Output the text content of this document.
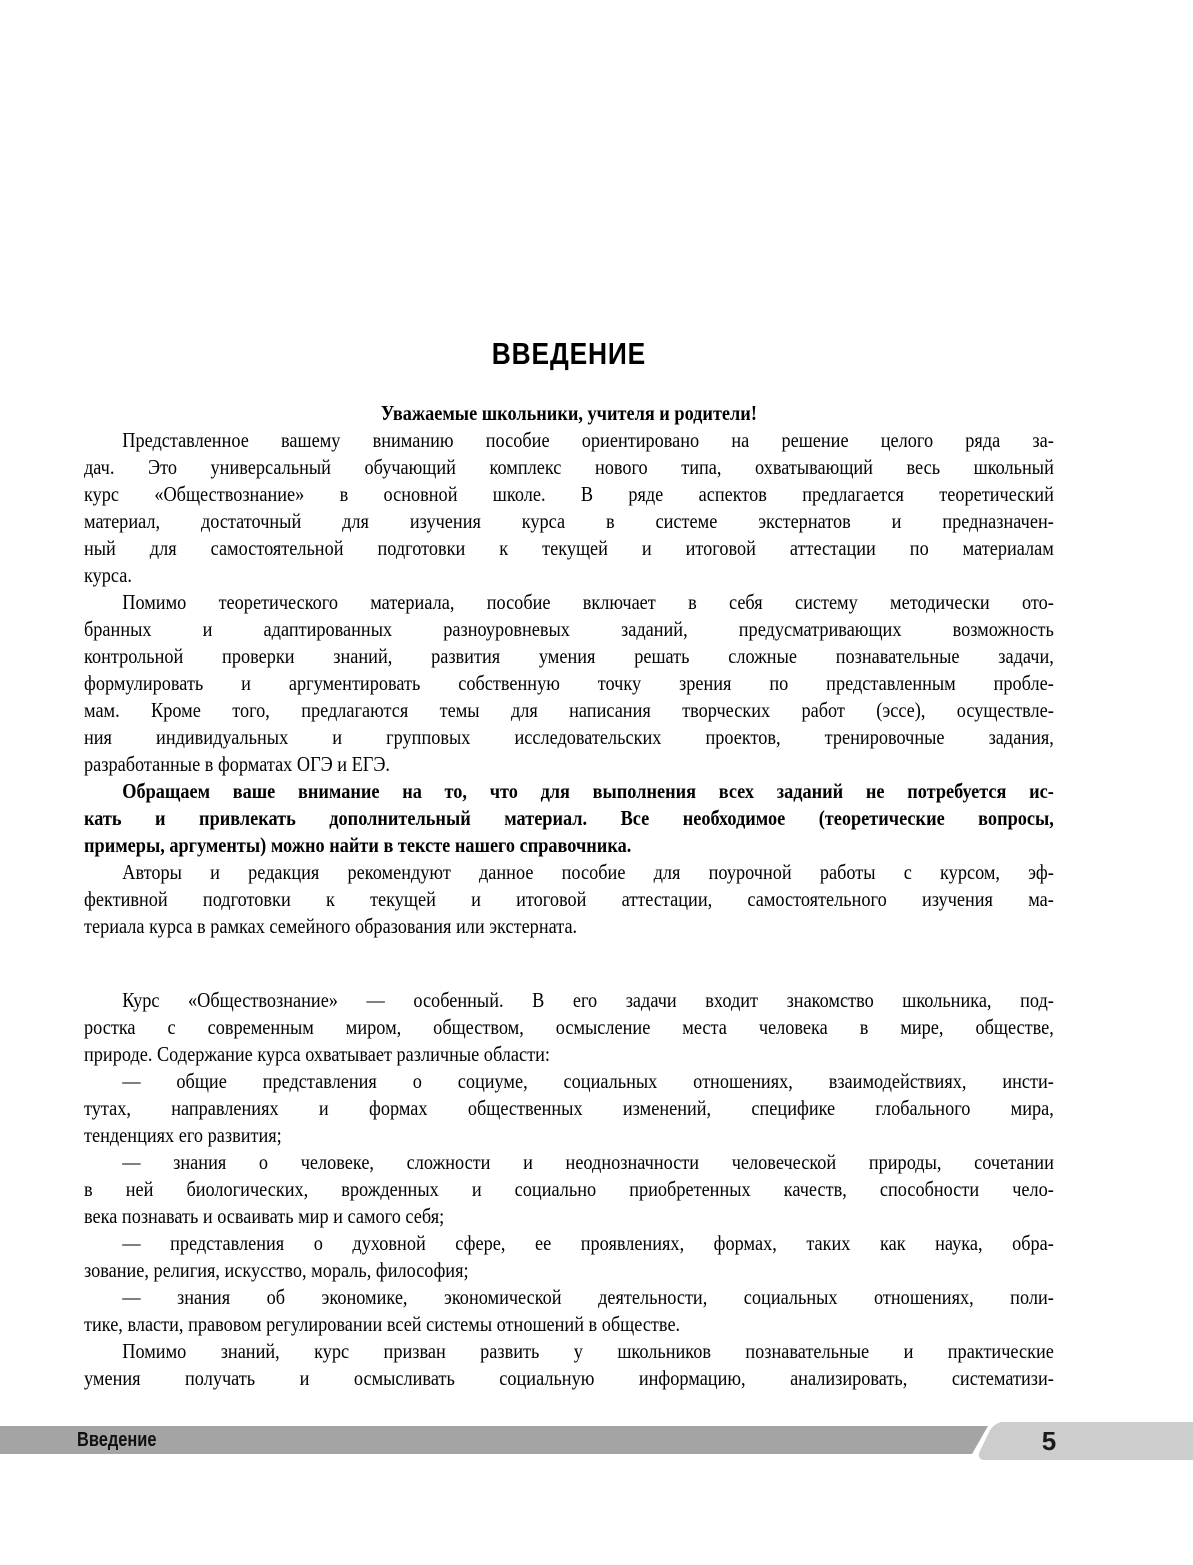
ВВЕДЕНИЕ
Уважаемые школьники, учителя и родители!
Представленное вашему вниманию пособие ориентировано на решение целого ряда за-
дач. Это универсальный обучающий комплекс нового типа, охватывающий весь школьный
курс «Обществознание» в основной школе. В ряде аспектов предлагается теоретический
материал, достаточный для изучения курса в системе экстернатов и предназначен-
ный для самостоятельной подготовки к текущей и итоговой аттестации по материалам
курса.
Помимо теоретического материала, пособие включает в себя систему методически ото-
бранных и адаптированных разноуровневых заданий, предусматривающих возможность
контрольной проверки знаний, развития умения решать сложные познавательные задачи,
формулировать и аргументировать собственную точку зрения по представленным пробле-
мам. Кроме того, предлагаются темы для написания творческих работ (эссе), осуществле-
ния индивидуальных и групповых исследовательских проектов, тренировочные задания,
разработанные в форматах ОГЭ и ЕГЭ.
Обращаем ваше внимание на то, что для выполнения всех заданий не потребуется ис-
кать и привлекать дополнительный материал. Все необходимое (теоретические вопросы,
примеры, аргументы) можно найти в тексте нашего справочника.
Авторы и редакция рекомендуют данное пособие для поурочной работы с курсом, эф-
фективной подготовки к текущей и итоговой аттестации, самостоятельного изучения ма-
териала курса в рамках семейного образования или экстерната.
Курс «Обществознание» — особенный. В его задачи входит знакомство школьника, под-
ростка с современным миром, обществом, осмысление места человека в мире, обществе,
природе. Содержание курса охватывает различные области:
— общие представления о социуме, социальных отношениях, взаимодействиях, инсти-
тутах, направлениях и формах общественных изменений, специфике глобального мира,
тенденциях его развития;
— знания о человеке, сложности и неоднозначности человеческой природы, сочетании
в ней биологических, врожденных и социально приобретенных качеств, способности чело-
века познавать и осваивать мир и самого себя;
— представления о духовной сфере, ее проявлениях, формах, таких как наука, обра-
зование, религия, искусство, мораль, философия;
— знания об экономике, экономической деятельности, социальных отношениях, поли-
тике, власти, правовом регулировании всей системы отношений в обществе.
Помимо знаний, курс призван развить у школьников познавательные и практические
умения получать и осмысливать социальную информацию, анализировать, систематизи-
Введение	5
